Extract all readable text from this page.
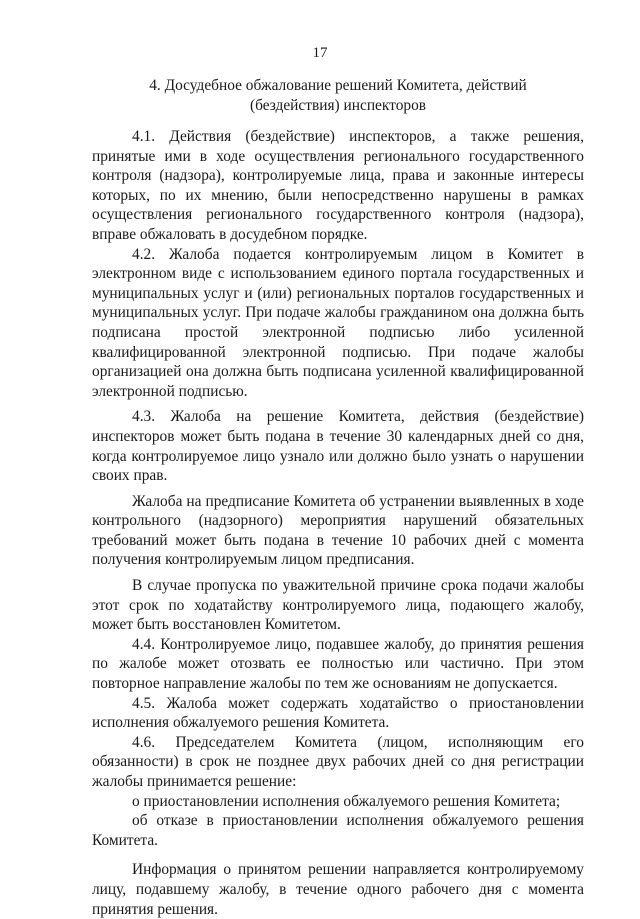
17
4. Досудебное обжалование решений Комитета, действий
(бездействия) инспекторов

4.1. Действия (бездействие) инспекторов, а также решения, принятые ими в ходе осуществления регионального государственного контроля (надзора), контролируемые лица, права и законные интересы которых, по их мнению, были непосредственно нарушены в рамках осуществления регионального государственного контроля (надзора), вправе обжаловать в досудебном порядке.

4.2. Жалоба подается контролируемым лицом в Комитет в электронном виде с использованием единого портала государственных и муниципальных услуг и (или) региональных порталов государственных и муниципальных услуг. При подаче жалобы гражданином она должна быть подписана простой электронной подписью либо усиленной квалифицированной электронной подписью. При подаче жалобы организацией она должна быть подписана усиленной квалифицированной электронной подписью.

4.3. Жалоба на решение Комитета, действия (бездействие) инспекторов может быть подана в течение 30 календарных дней со дня, когда контролируемое лицо узнало или должно было узнать о нарушении своих прав.

Жалоба на предписание Комитета об устранении выявленных в ходе контрольного (надзорного) мероприятия нарушений обязательных требований может быть подана в течение 10 рабочих дней с момента получения контролируемым лицом предписания.

В случае пропуска по уважительной причине срока подачи жалобы этот срок по ходатайству контролируемого лица, подающего жалобу, может быть восстановлен Комитетом.

4.4. Контролируемое лицо, подавшее жалобу, до принятия решения по жалобе может отозвать ее полностью или частично. При этом повторное направление жалобы по тем же основаниям не допускается.

4.5. Жалоба может содержать ходатайство о приостановлении исполнения обжалуемого решения Комитета.

4.6. Председателем Комитета (лицом, исполняющим его обязанности) в срок не позднее двух рабочих дней со дня регистрации жалобы принимается решение:

о приостановлении исполнения обжалуемого решения Комитета;

об отказе в приостановлении исполнения обжалуемого решения Комитета.

Информация о принятом решении направляется контролируемому лицу, подавшему жалобу, в течение одного рабочего дня с момента принятия решения.
